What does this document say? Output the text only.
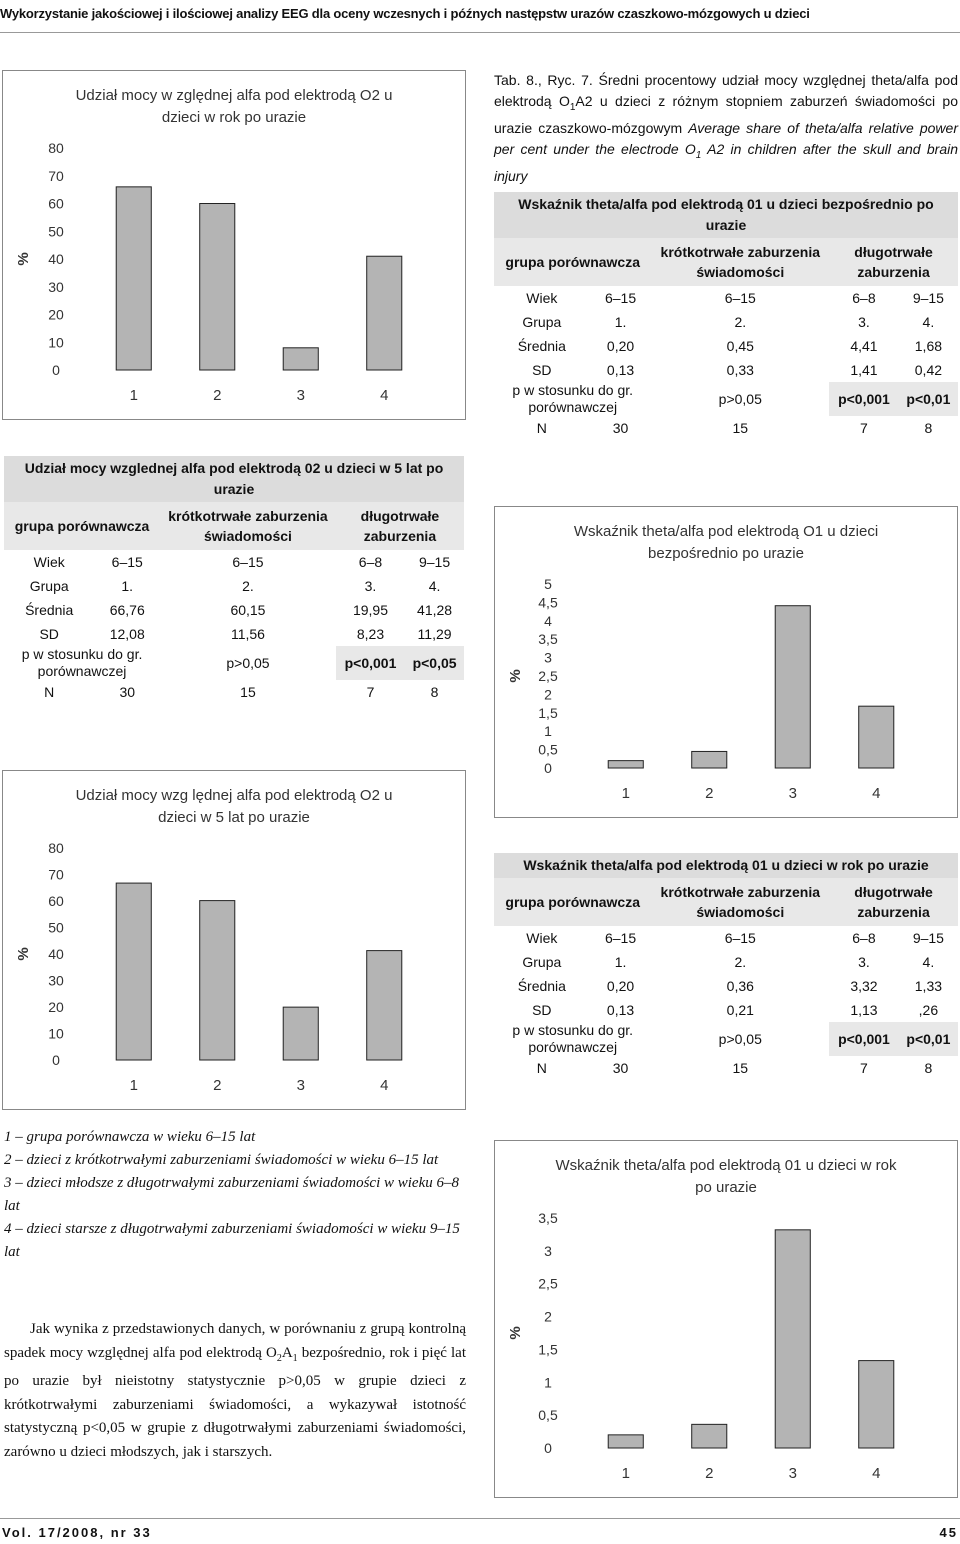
Wykorzystanie jakościowej i ilościowej analizy EEG dla oceny wczesnych i późnych następstw urazów czaszkowo-mózgowych u dzieci
Vol. 17/2008, nr 33	45
Udział mocy w zględnej alfa pod elektrodą O2 u
dzieci w rok po urazie
80
70
60
50
40
30
20
10
0
%
1	2	3	4
Udział mocy wzglednej alfa pod elektrodą 02 u dzieci w 5 lat po urazie				
grupa porównawcza		krótkotrwałe zaburzenia świadomości	długotrwałe zaburzenia	
Wiek	6–15	6–15	6–8	9–15
Grupa	1.	2.	3.	4.
Średnia	66,76	60,15	19,95	41,28
SD	12,08	11,56	8,23	11,29
p w stosunku do gr. porównawczej		p>0,05	p<0,001	p<0,05
N	30	15	7	8
Udział mocy wzg lędnej alfa pod elektrodą O2 u
dzieci w 5 lat po urazie
80
70
60
50
40
30
20
10
0
%
1	2	3	4
1 – grupa porównawcza w wieku 6–15 lat
2 – dzieci z krótkotrwałymi zaburzeniami świadomości w wieku 6–15 lat
3 – dzieci młodsze z długotrwałymi zaburzeniami świadomości w wieku 6–8 lat
4 – dzieci starsze z długotrwałymi zaburzeniami świadomości w wieku 9–15 lat
Jak wynika z przedstawionych danych, w porównaniu z grupą kontrolną spadek mocy względnej alfa pod elektrodą $O_2A_1$ bezpośrednio, rok i pięć lat po urazie był nieistotny statystycznie p>0,05 w grupie dzieci z krótkotrwałymi zaburzeniami świadomości, a wykazywał istotność statystyczną p<0,05 w grupie z długotrwałymi zaburzeniami świadomości, zarówno u dzieci młodszych, jak i starszych.
Tab. 8., Ryc. 7. Średni procentowy udział mocy względnej theta/alfa pod elektrodą $O_1A2$ u dzieci z różnym stopniem zaburzeń świadomości po urazie czaszkowo-mózgowym Average share of theta/alfa relative power per cent under the electrode $O_1$ A2 in children after the skull and brain injury
Wskaźnik theta/alfa pod elektrodą 01 u dzieci bezpośrednio po urazie				
grupa porównawcza		krótkotrwałe zaburzenia świadomości	długotrwałe zaburzenia	
Wiek	6–15	6–15	6–8	9–15
Grupa	1.	2.	3.	4.
Średnia	0,20	0,45	4,41	1,68
SD	0,13	0,33	1,41	0,42
p w stosunku do gr. porównawczej		p>0,05	p<0,001	p<0,01
N	30	15	7	8
Wskaźnik theta/alfa pod elektrodą O1 u dzieci
bezpośrednio po urazie
5
4,5
4
3,5
3
2,5
2
1,5
1
0,5
0
%
1	2	3	4
Wskaźnik theta/alfa pod elektrodą 01 u dzieci w rok po urazie				
grupa porównawcza		krótkotrwałe zaburzenia świadomości	długotrwałe zaburzenia	
Wiek	6–15	6–15	6–8	9–15
Grupa	1.	2.	3.	4.
Średnia	0,20	0,36	3,32	1,33
SD	0,13	0,21	1,13	,26
p w stosunku do gr. porównawczej		p>0,05	p<0,001	p<0,01
N	30	15	7	8
Wskaźnik theta/alfa pod elektrodą 01 u dzieci w rok
po urazie
3,5
3
2,5
2
1,5
1
0,5
0
%
1	2	3	4
